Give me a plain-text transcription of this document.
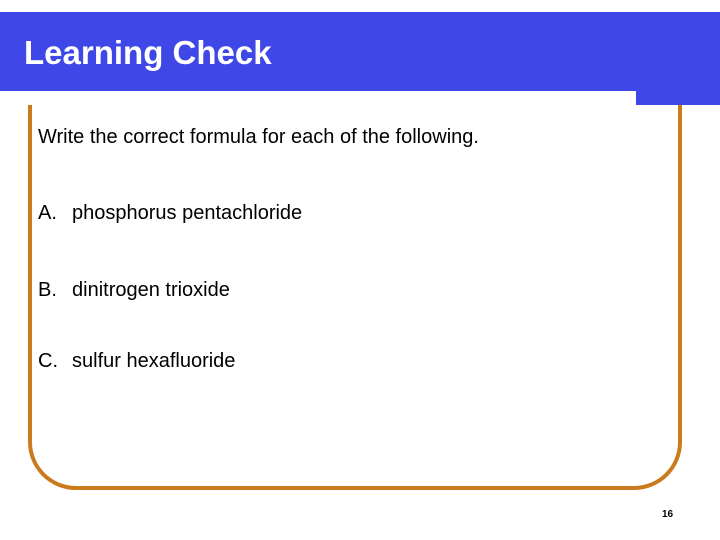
Learning Check

Write the correct formula for each of the following.

A. phosphorus pentachloride

B. dinitrogen trioxide

C. sulfur hexafluoride

16
